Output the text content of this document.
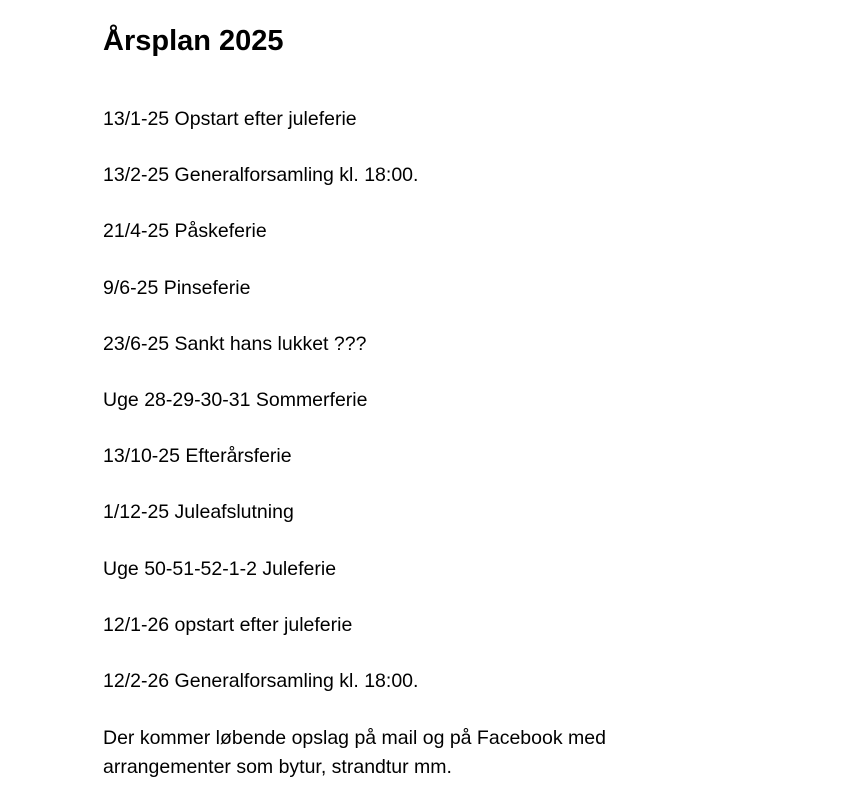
Årsplan 2025
13/1-25 Opstart efter juleferie
13/2-25 Generalforsamling kl. 18:00.
21/4-25 Påskeferie
9/6-25 Pinseferie
23/6-25 Sankt hans lukket ???
Uge 28-29-30-31 Sommerferie
13/10-25 Efterårsferie
1/12-25 Juleafslutning
Uge 50-51-52-1-2 Juleferie
12/1-26 opstart efter juleferie
12/2-26 Generalforsamling kl. 18:00.

Der kommer løbende opslag på mail og på Facebook med arrangementer som bytur, strandtur mm.
